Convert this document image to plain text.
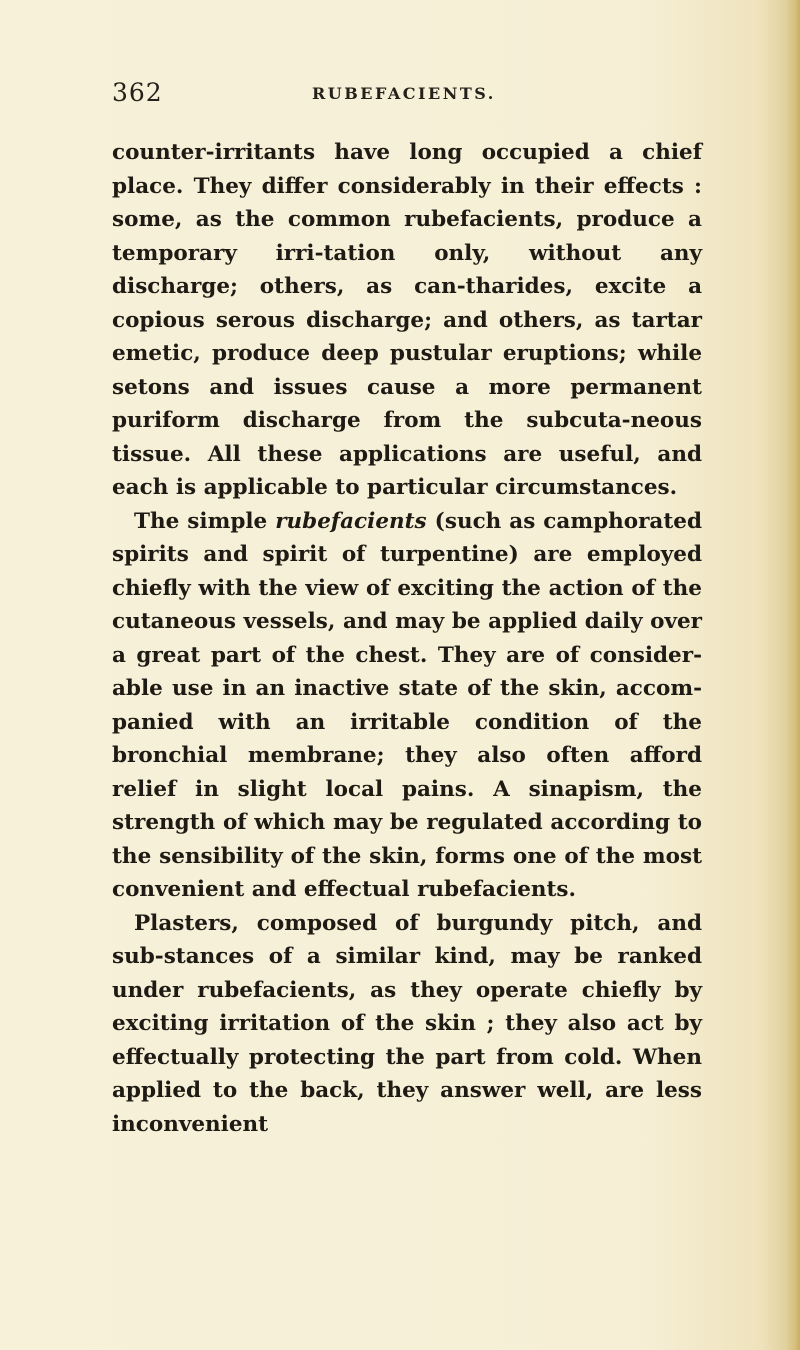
362	RUBEFACIENTS.

counter-irritants have long occupied a chief place. They differ considerably in their effects : some, as the common rubefacients, produce a temporary irri-tation only, without any discharge; others, as can-tharides, excite a copious serous discharge; and others, as tartar emetic, produce deep pustular eruptions; while setons and issues cause a more permanent puriform discharge from the subcuta-neous tissue. All these applications are useful, and each is applicable to particular circumstances.

The simple rubefacients (such as camphorated spirits and spirit of turpentine) are employed chiefly with the view of exciting the action of the cutaneous vessels, and may be applied daily over a great part of the chest. They are of consider-able use in an inactive state of the skin, accom-panied with an irritable condition of the bronchial membrane; they also often afford relief in slight local pains. A sinapism, the strength of which may be regulated according to the sensibility of the skin, forms one of the most convenient and effectual rubefacients.

Plasters, composed of burgundy pitch, and sub-stances of a similar kind, may be ranked under rubefacients, as they operate chiefly by exciting irritation of the skin ; they also act by effectually protecting the part from cold. When applied to the back, they answer well, are less inconvenient
